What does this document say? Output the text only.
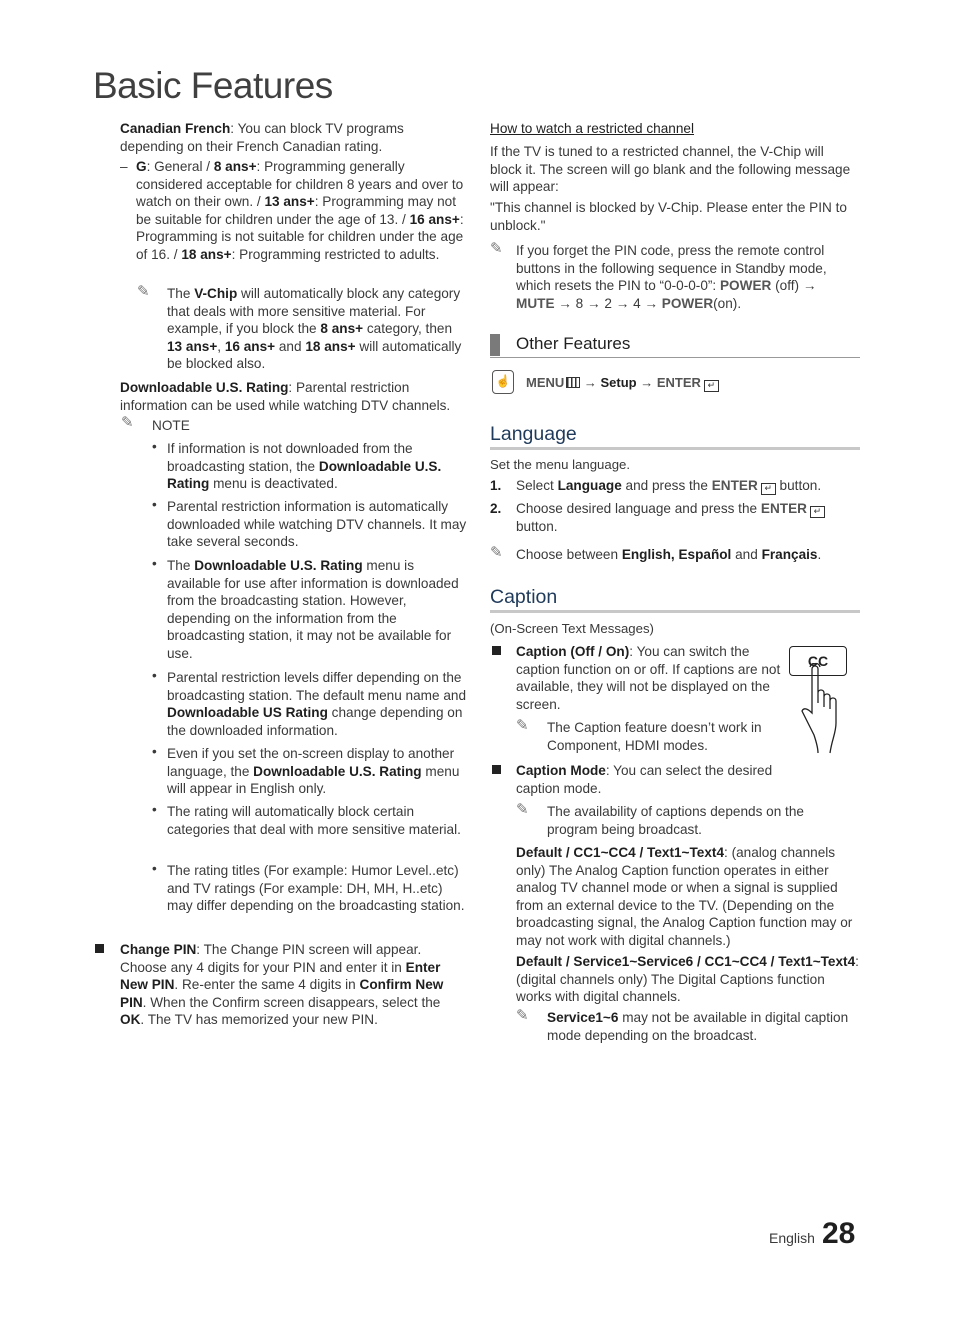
Basic Features

Canadian French: You can block TV programs depending on their French Canadian rating.

– G: General / 8 ans+: Programming generally considered acceptable for children 8 years and over to watch on their own. / 13 ans+: Programming may not be suitable for children under the age of 13. / 16 ans+: Programming is not suitable for children under the age of 16. / 18 ans+: Programming restricted to adults.

✎	The V-Chip will automatically block any category that deals with more sensitive material. For example, if you block the 8 ans+ category, then 13 ans+, 16 ans+ and 18 ans+ will automatically be blocked also.

Downloadable U.S. Rating: Parental restriction information can be used while watching DTV channels.

✎	NOTE
• If information is not downloaded from the broadcasting station, the Downloadable U.S. Rating menu is deactivated.

• Parental restriction information is automatically downloaded while watching DTV channels. It may take several seconds.

• The Downloadable U.S. Rating menu is available for use after information is downloaded from the broadcasting station. However, depending on the information from the broadcasting station, it may not be available for use.

• Parental restriction levels differ depending on the broadcasting station. The default menu name and Downloadable US Rating change depending on the downloaded information.

• Even if you set the on-screen display to another language, the Downloadable U.S. Rating menu will appear in English only.

• The rating will automatically block certain categories that deal with more sensitive material.

• The rating titles (For example: Humor Level..etc) and TV ratings (For example: DH, MH, H..etc) may differ depending on the broadcasting station.

Change PIN: The Change PIN screen will appear. Choose any 4 digits for your PIN and enter it in Enter New PIN. Re-enter the same 4 digits in Confirm New PIN. When the Confirm screen disappears, select the OK. The TV has memorized your new PIN.

How to watch a restricted channel

If the TV is tuned to a restricted channel, the V-Chip will block it. The screen will go blank and the following message will appear:

"This channel is blocked by V-Chip. Please enter the PIN to unblock."

✎ If you forget the PIN code, press the remote control buttons in the following sequence in Standby mode, which resets the PIN to “0-0-0-0”: POWER (off) → MUTE → 8 → 2 → 4 → POWER(on).

Other Features

☝ MENU → Setup → ENTER ↵

Language

Set the menu language.

1. Select Language and press the ENTER ↵ button.

2. Choose desired language and press the ENTER ↵ button.

✎ Choose between English, Español and Français.

Caption

(On-Screen Text Messages)

CC

Caption (Off / On): You can switch the caption function on or off. If captions are not available, they will not be displayed on the screen.

✎	The Caption feature doesn’t work in Component, HDMI modes.

Caption Mode: You can select the desired caption mode.

✎	The availability of captions depends on the program being broadcast.

Default / CC1~CC4 / Text1~Text4: (analog channels only) The Analog Caption function operates in either analog TV channel mode or when a signal is supplied from an external device to the TV. (Depending on the broadcasting signal, the Analog Caption function may or may not work with digital channels.)

Default / Service1~Service6 / CC1~CC4 / Text1~Text4: (digital channels only) The Digital Captions function works with digital channels.

✎	Service1~6 may not be available in digital caption mode depending on the broadcast.

English 28
